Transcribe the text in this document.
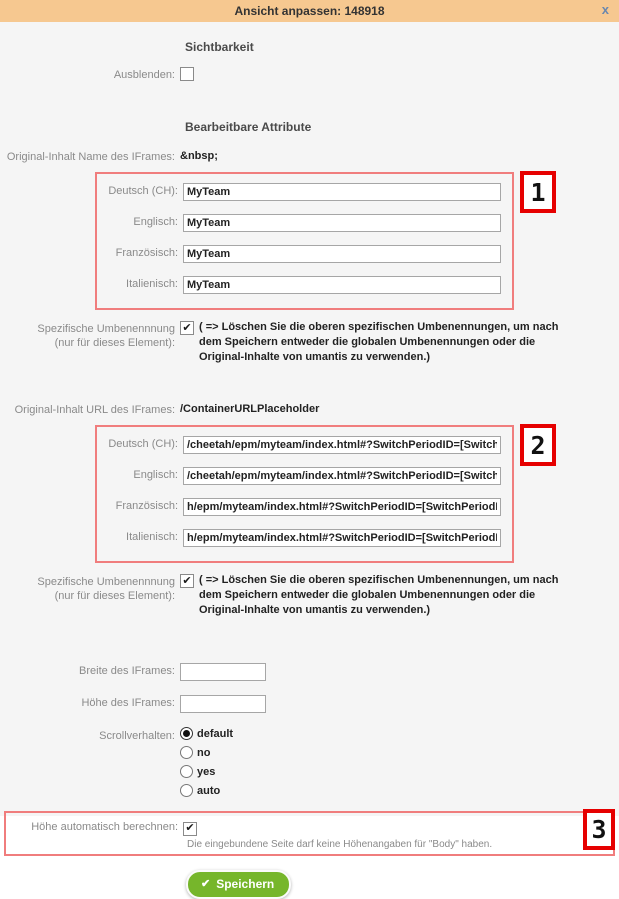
Ansicht anpassen: 148918	x
Sichtbarkeit
Ausblenden:
Bearbeitbare Attribute
Original-Inhalt Name des IFrames: &nbsp;
1
Deutsch (CH):
MyTeam
Englisch:
MyTeam
Französisch:
MyTeam
Italienisch:
MyTeam
Spezifische Umbenennnung
(nur für dieses Element):
✔
( => Löschen Sie die oberen spezifischen Umbenennungen, um nach dem Speichern entweder die globalen Umbenennungen oder die Original-Inhalte von umantis zu verwenden.)
Original-Inhalt URL des IFrames: /ContainerURLPlaceholder
2
Deutsch (CH):
/cheetah/epm/myteam/index.html#?SwitchPeriodID=[SwitchPeriodID]
Englisch:
/cheetah/epm/myteam/index.html#?SwitchPeriodID=[SwitchPeriodID]
Französisch:
h/epm/myteam/index.html#?SwitchPeriodID=[SwitchPeriodID]
Italienisch:
h/epm/myteam/index.html#?SwitchPeriodID=[SwitchPeriodID]
Spezifische Umbenennnung
(nur für dieses Element):
✔
( => Löschen Sie die oberen spezifischen Umbenennungen, um nach dem Speichern entweder die globalen Umbenennungen oder die Original-Inhalte von umantis zu verwenden.)
Breite des IFrames:
Höhe des IFrames:
Scrollverhalten:	default
no
yes
auto
3
Höhe automatisch berechnen:
✔
Die eingebundene Seite darf keine Höhenangaben für "Body" haben.
✔ Speichern
